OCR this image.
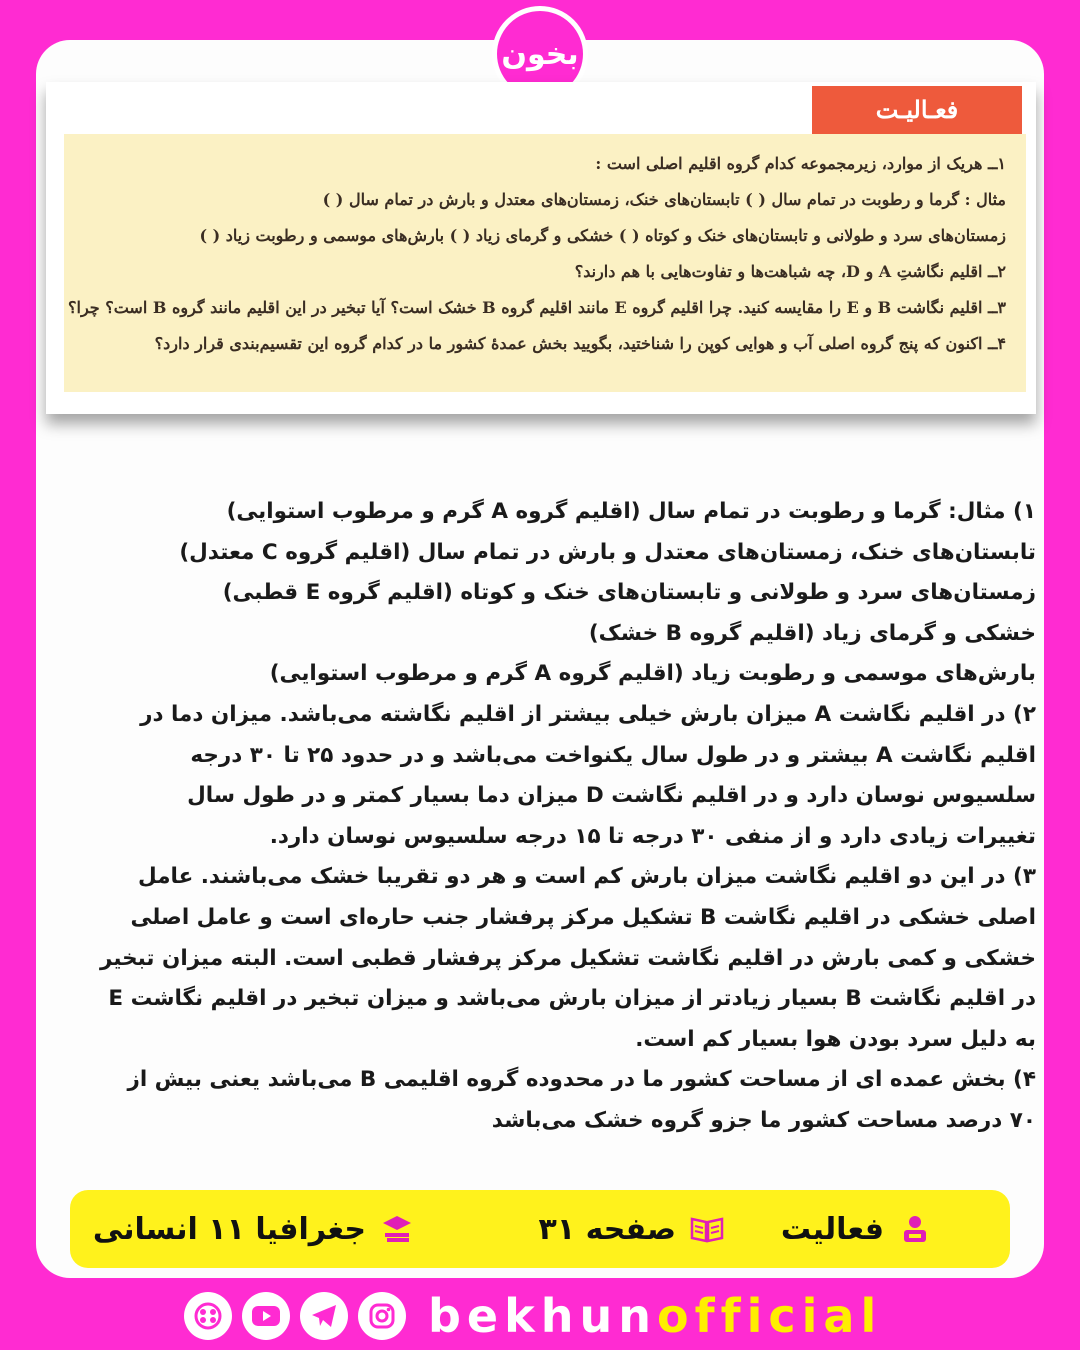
بخون
فعـالیـت
۱ــ هریک از موارد، زیرمجموعه کدام گروه اقلیم اصلی است :
مثال : گرما و رطوبت در تمام سال ( ) تابستان‌های خنک، زمستان‌های معتدل و بارش در تمام سال ( )
زمستان‌های سرد و طولانی و تابستان‌های خنک و کوتاه ( ) خشکی و گرمای زیاد ( ) بارش‌های موسمی و رطوبت زیاد ( )
۲ــ اقلیم نگاشتِ A و D، چه شباهت‌ها و تفاوت‌هایی با هم دارند؟
۳ــ اقلیم نگاشت B و E را مقایسه کنید. چرا اقلیم گروه E مانند اقلیم گروه B خشک است؟ آیا تبخیر در این اقلیم مانند گروه B است؟ چرا؟
۴ــ اکنون که پنج گروه اصلی آب و هوایی کوپن را شناختید، بگویید بخش عمدهٔ کشور ما در کدام گروه این تقسیم‌بندی قرار دارد؟
۱) مثال: گرما و رطوبت در تمام سال (اقلیم گروه A گرم و مرطوب استوایی)
تابستان‌های خنک، زمستان‌های معتدل و بارش در تمام سال (اقلیم گروه C معتدل)
زمستان‌های سرد و طولانی و تابستان‌های خنک و کوتاه (اقلیم گروه E قطبی)
خشکی و گرمای زیاد (اقلیم گروه B خشک)
بارش‌های موسمی و رطوبت زیاد (اقلیم گروه A گرم و مرطوب استوایی)
۲) در اقلیم نگاشت A میزان بارش خیلی بیشتر از اقلیم نگاشته می‌باشد. میزان دما در
اقلیم نگاشت A بیشتر و در طول سال یکنواخت می‌باشد و در حدود ۲۵ تا ۳۰ درجه
سلسیوس نوسان دارد و در اقلیم نگاشت D میزان دما بسیار کمتر و در طول سال
تغییرات زیادی دارد و از منفی ۳۰ درجه تا ۱۵ درجه سلسیوس نوسان دارد.
۳) در این دو اقلیم نگاشت میزان بارش کم است و هر دو تقریبا خشک می‌باشند. عامل
اصلی خشکی در اقلیم نگاشت B تشکیل مرکز پرفشار جنب حاره‌ای است و عامل اصلی
خشکی و کمی بارش در اقلیم نگاشت تشکیل مرکز پرفشار قطبی است. البته میزان تبخیر
در اقلیم نگاشت B بسیار زیادتر از میزان بارش می‌باشد و میزان تبخیر در اقلیم نگاشت E
به دلیل سرد بودن هوا بسیار کم است.
۴) بخش عمده ای از مساحت کشور ما در محدوده گروه اقلیمی B می‌باشد یعنی بیش از
۷۰ درصد مساحت کشور ما جزو گروه خشک می‌باشد
فعالیت
صفحه ۳۱
جغرافیا ۱۱ انسانی
bekhunofficial
